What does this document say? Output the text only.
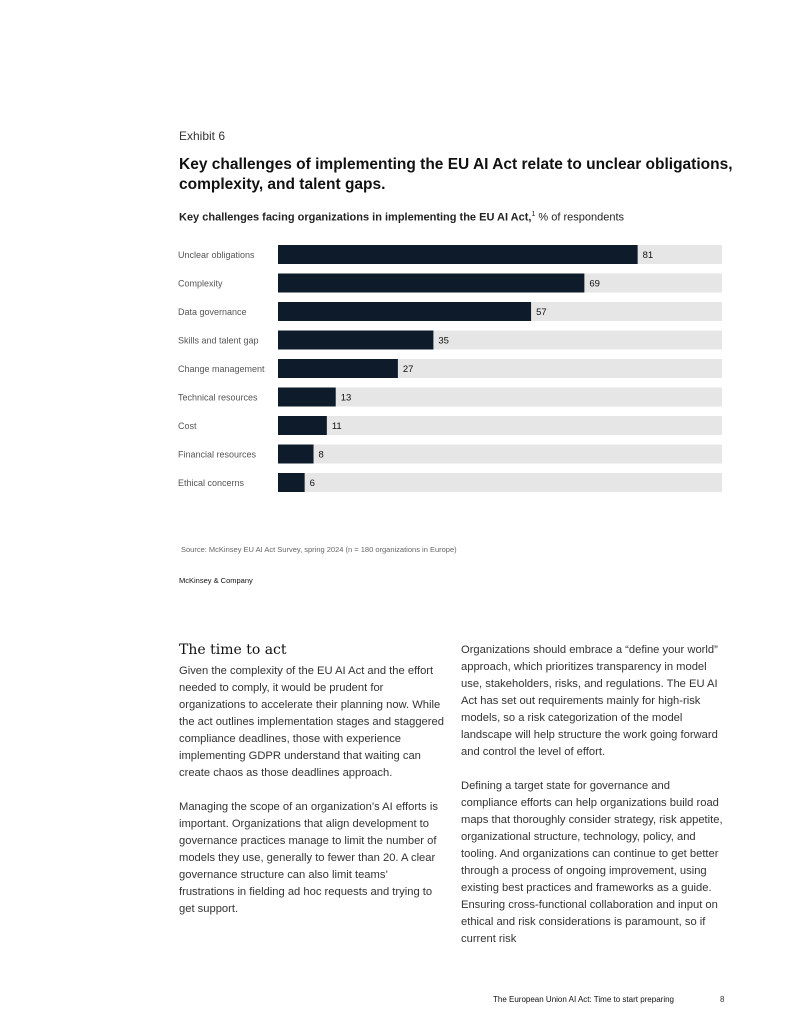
Exhibit 6
Key challenges of implementing the EU AI Act relate to unclear obligations, complexity, and talent gaps.
Key challenges facing organizations in implementing the EU AI Act,$^1$ % of respondents
Unclear obligations	81
Complexity	69
Data governance	57
Skills and talent gap	35
Change management	27
Technical resources	13
Cost	11
Financial resources	8
Ethical concerns	6
Source: McKinsey EU AI Act Survey, spring 2024 (n = 180 organizations in Europe)
McKinsey & Company
The time to act

Given the complexity of the EU AI Act and the effort needed to comply, it would be prudent for organizations to accelerate their planning now. While the act outlines implementation stages and staggered compliance deadlines, those with experience implementing GDPR understand that waiting can create chaos as those deadlines approach.

Managing the scope of an organization’s AI efforts is important. Organizations that align development to governance practices manage to limit the number of models they use, generally to fewer than 20. A clear governance structure can also limit teams’ frustrations in fielding ad hoc requests and trying to get support.

Organizations should embrace a “define your world” approach, which prioritizes transparency in model use, stakeholders, risks, and regulations. The EU AI Act has set out requirements mainly for high-risk models, so a risk categorization of the model landscape will help structure the work going forward and control the level of effort.

Defining a target state for governance and compliance efforts can help organizations build road maps that thoroughly consider strategy, risk appetite, organizational structure, technology, policy, and tooling. And organizations can continue to get better through a process of ongoing improvement, using existing best practices and frameworks as a guide. Ensuring cross-functional collaboration and input on ethical and risk considerations is paramount, so if current risk

The European Union AI Act: Time to start preparing	8
